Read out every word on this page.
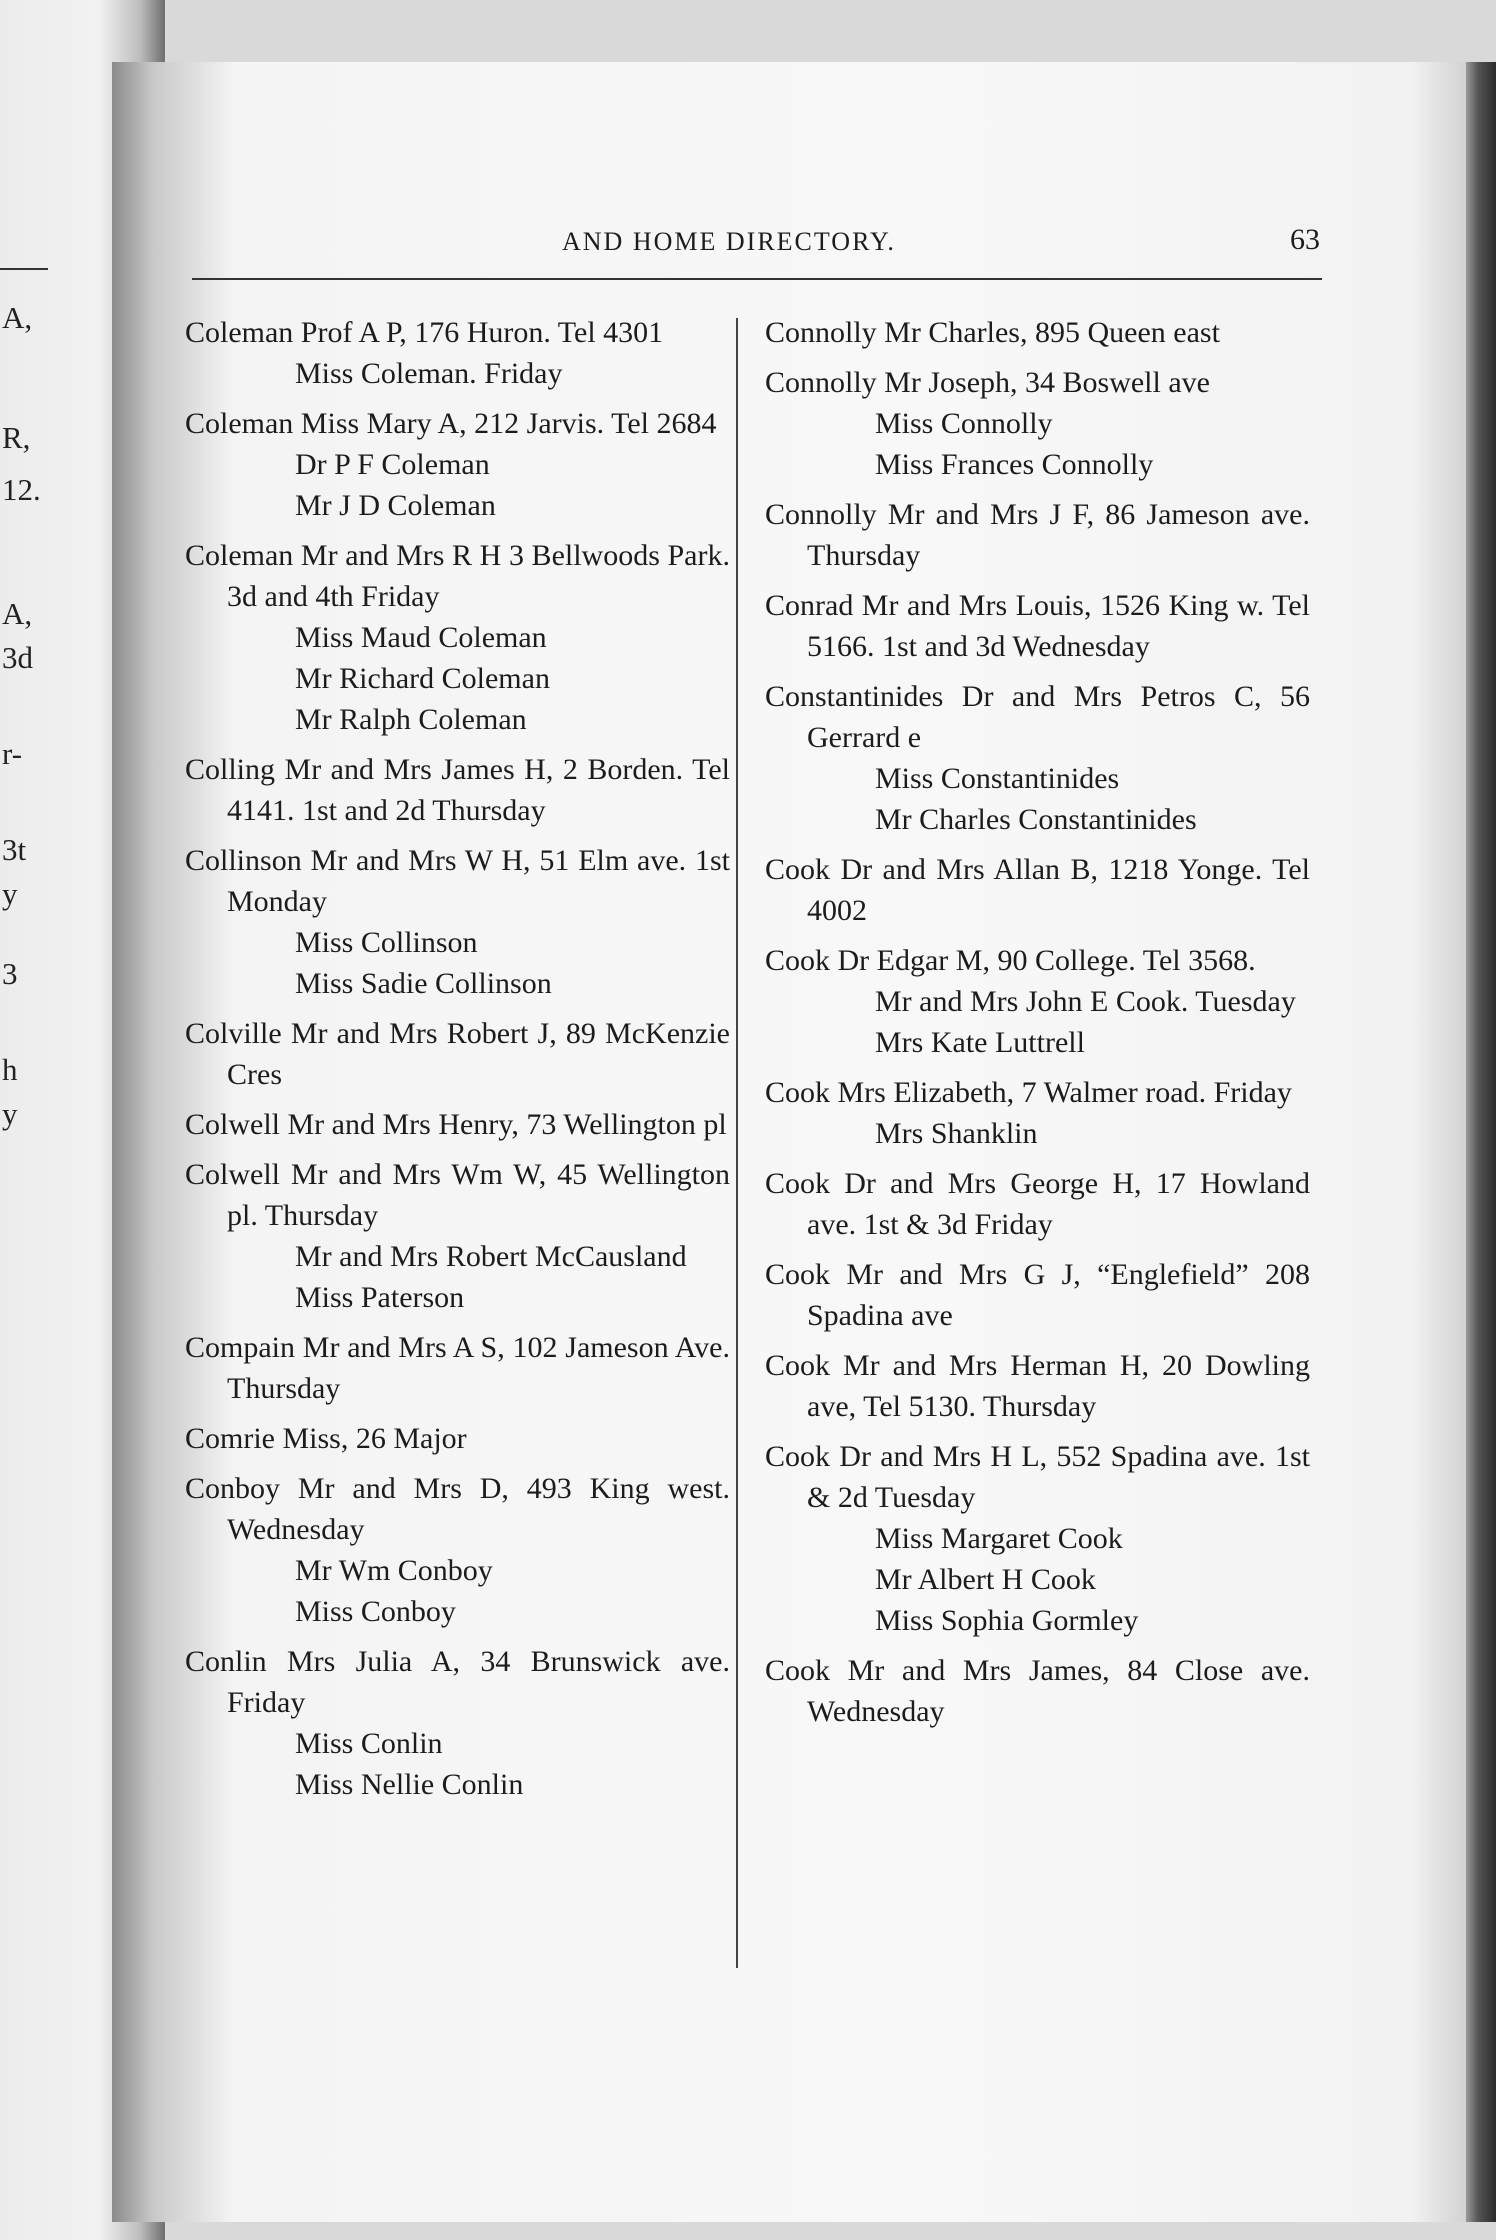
A,
R,
12.
A,
3d
r-
3t
y
3
h
y
AND HOME DIRECTORY.	63
Coleman Prof A P, 176 Huron. Tel 4301
Miss Coleman. Friday
Coleman Miss Mary A, 212 Jarvis. Tel 2684
Dr P F Coleman
Mr J D Coleman
Coleman Mr and Mrs R H 3 Bellwoods Park. 3d and 4th Friday
Miss Maud Coleman
Mr Richard Coleman
Mr Ralph Coleman
Colling Mr and Mrs James H, 2 Borden. Tel 4141. 1st and 2d Thursday
Collinson Mr and Mrs W H, 51 Elm ave. 1st Monday
Miss Collinson
Miss Sadie Collinson
Colville Mr and Mrs Robert J, 89 McKenzie Cres
Colwell Mr and Mrs Henry, 73 Wellington pl
Colwell Mr and Mrs Wm W, 45 Wellington pl. Thursday
Mr and Mrs Robert McCausland
Miss Paterson
Compain Mr and Mrs A S, 102 Jameson Ave. Thursday
Comrie Miss, 26 Major
Conboy Mr and Mrs D, 493 King west. Wednesday
Mr Wm Conboy
Miss Conboy
Conlin Mrs Julia A, 34 Brunswick ave. Friday
Miss Conlin
Miss Nellie Conlin
Connolly Mr Charles, 895 Queen east
Connolly Mr Joseph, 34 Boswell ave
Miss Connolly
Miss Frances Connolly
Connolly Mr and Mrs J F, 86 Jameson ave. Thursday
Conrad Mr and Mrs Louis, 1526 King w. Tel 5166. 1st and 3d Wednesday
Constantinides Dr and Mrs Petros C, 56 Gerrard e
Miss Constantinides
Mr Charles Constantinides
Cook Dr and Mrs Allan B, 1218 Yonge. Tel 4002
Cook Dr Edgar M, 90 College. Tel 3568.
Mr and Mrs John E Cook. Tuesday
Mrs Kate Luttrell
Cook Mrs Elizabeth, 7 Walmer road. Friday
Mrs Shanklin
Cook Dr and Mrs George H, 17 Howland ave. 1st & 3d Friday
Cook Mr and Mrs G J, “Englefield” 208 Spadina ave
Cook Mr and Mrs Herman H, 20 Dowling ave, Tel 5130. Thursday
Cook Dr and Mrs H L, 552 Spadina ave. 1st & 2d Tuesday
Miss Margaret Cook
Mr Albert H Cook
Miss Sophia Gormley
Cook Mr and Mrs James, 84 Close ave. Wednesday
